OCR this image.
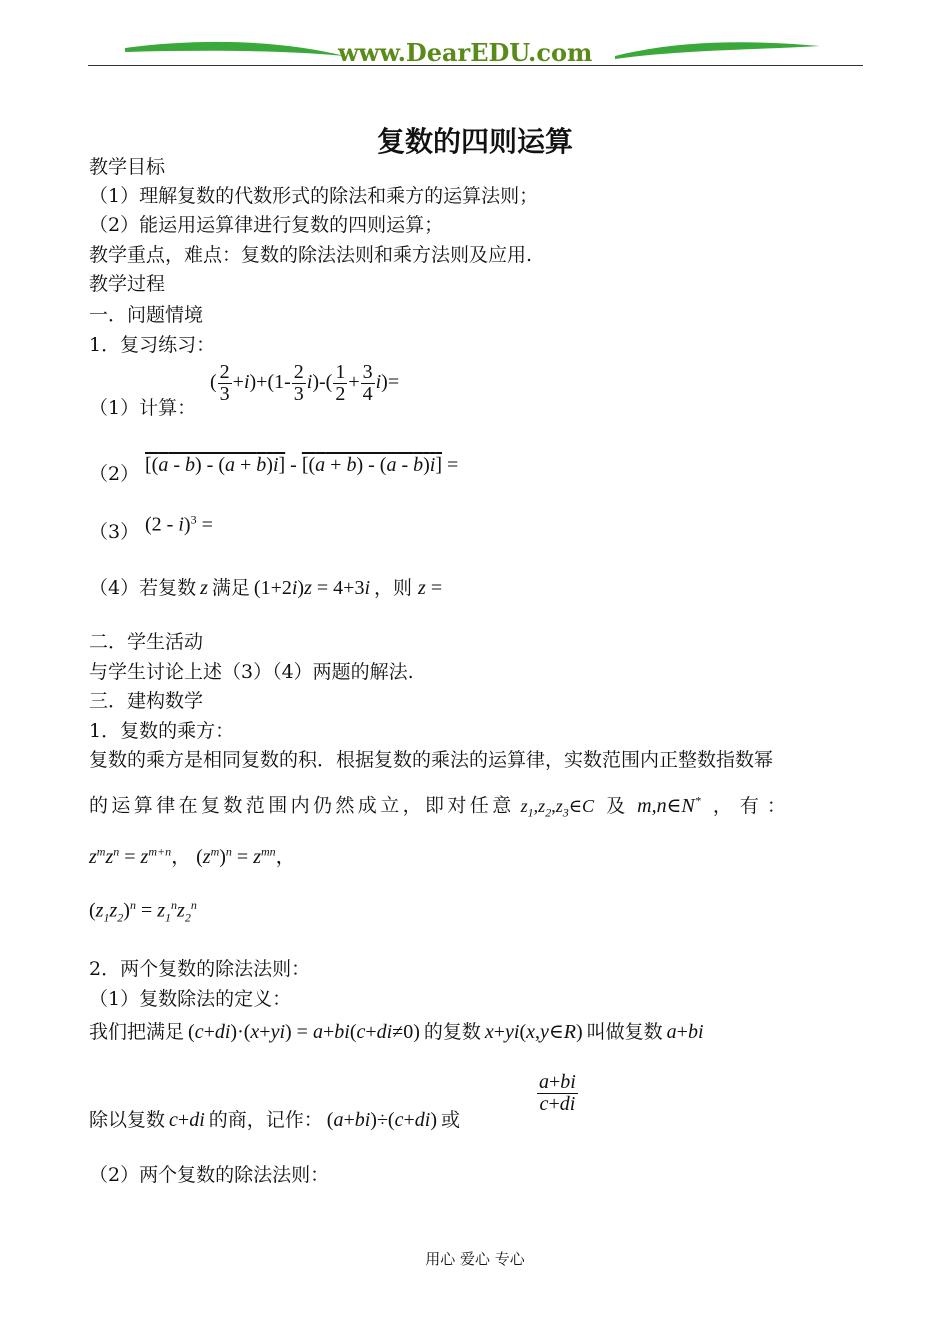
www.DearEDU.com
复数的四则运算
教学目标
（1）理解复数的代数形式的除法和乘方的运算法则；
（2）能运用运算律进行复数的四则运算；
教学重点，难点：复数的除法法则和乘方法则及应用.
教学过程
一．问题情境
1．复习练习：
（1）计算：
( $\frac{2}{3} +i)+(1- \frac{2}{3} i)-( \frac{1}{2} + \frac{3}{4} i)=$
（2） [(a - b) - (a + b)i] - [(a + b) - (a - b)i] =
（3） (2 - i)$^3$ =
（4）若复数 z 满足 (1+2i)z = 4+3i ，则 z =
二．学生活动
与学生讨论上述（3）（4）两题的解法.
三．建构数学
1．复数的乘方：
复数的乘方是相同复数的积．根据复数的乘法的运算律，实数范围内正整数指数幂
的运算律在复数范围内仍然成立，即对任意 $z_1,z_2,z_3\in C$ 及 m,n∈N* ，有：
$z^mz^n = z^{m+n}$， $(z^m)^n = z^{mn}$，
$(z_1z_2)^n = z_1^nz_2^n$
2．两个复数的除法法则：
（1）复数除法的定义：
我们把满足 (c+di)·(x+yi) = a+bi(c+di≠0) 的复数 x+yi(x,y∈R) 叫做复数 a+bi
除以复数 c+di 的商，记作： (a+bi)÷(c+di) 或
$\frac{a+bi}{c+di}$
（2）两个复数的除法法则：
用心 爱心 专心
